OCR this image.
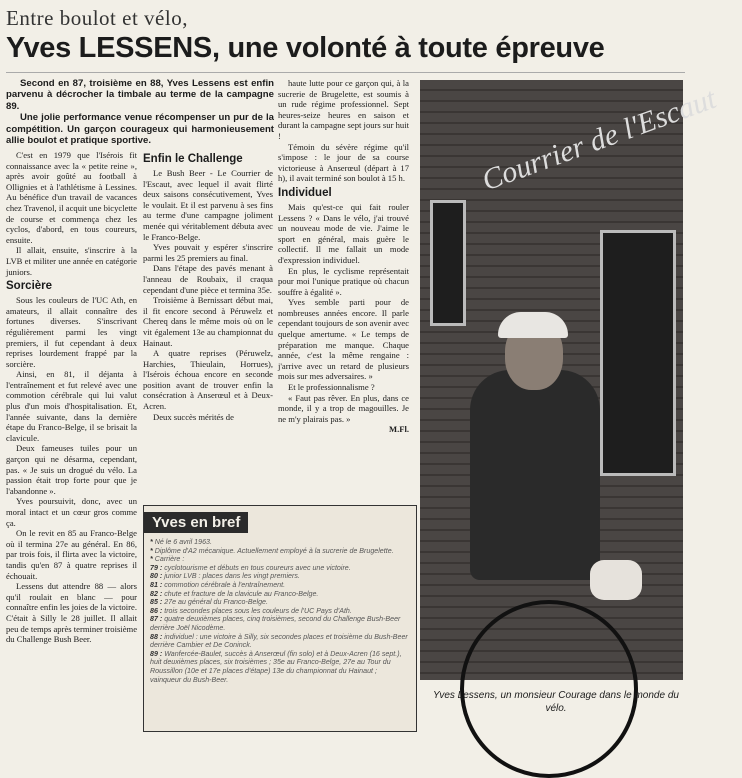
Entre boulot et vélo,
Yves LESSENS, une volonté à toute épreuve

Second en 87, troisième en 88, Yves Lessens est enfin parvenu à décrocher la timbale au terme de la campagne 89.

Une jolie performance venue récompenser un pur de la compétition. Un garçon courageux qui harmonieusement allie boulot et pratique sportive.

C'est en 1979 que l'Isérois fit connaissance avec la « petite reine », après avoir goûté au football à Ollignies et à l'athlétisme à Lessines. Au bénéfice d'un travail de vacances chez Travenol, il acquit une bicyclette de course et commença chez les cyclos, d'abord, en tous coureurs, ensuite.

Il allait, ensuite, s'inscrire à la LVB et militer une année en catégorie juniors.

Sorcière

Sous les couleurs de l'UC Ath, en amateurs, il allait connaître des fortunes diverses. S'inscrivant régulièrement parmi les vingt premiers, il fut cependant à deux reprises lourdement frappé par la sorcière.

Ainsi, en 81, il déjanta à l'entraînement et fut relevé avec une commotion cérébrale qui lui valut plus d'un mois d'hospitalisation. Et, l'année suivante, dans la dernière étape du Franco-Belge, il se brisait la clavicule.

Deux fameuses tuiles pour un garçon qui ne désarma, cependant, pas. « Je suis un drogué du vélo. La passion était trop forte pour que je l'abandonne ».

Yves poursuivit, donc, avec un moral intact et un cœur gros comme ça.

On le revit en 85 au Franco-Belge où il termina 27e au général. En 86, par trois fois, il flirta avec la victoire, tandis qu'en 87 à quatre reprises il échouait.

Lessens dut attendre 88 — alors qu'il roulait en blanc — pour connaître enfin les joies de la victoire. C'était à Silly le 28 juillet. Il allait peu de temps après terminer troisième du Challenge Bush Beer.

Enfin le Challenge

Le Bush Beer - Le Courrier de l'Escaut, avec lequel il avait flirté deux saisons consécutivement, Yves le voulait. Et il est parvenu à ses fins au terme d'une campagne joliment menée qui véritablement débuta avec le Franco-Belge.

Yves pouvait y espérer s'inscrire parmi les 25 premiers au final.

Dans l'étape des pavés menant à l'anneau de Roubaix, il craqua cependant d'une pièce et termina 35e.

Troisième à Bernissart début mai, il fit encore second à Péruwelz et Chereq dans le même mois où on le vit également 13e au championnat du Hainaut.

A quatre reprises (Péruwelz, Harchies, Thieulain, Horrues), l'Isérois échoua encore en seconde position avant de trouver enfin la consécration à Anserœul et à Deux-Acren.

Deux succès mérités de

haute lutte pour ce garçon qui, à la sucrerie de Brugelette, est soumis à un rude régime professionnel. Sept heures-seize heures en saison et durant la campagne sept jours sur huit !

Témoin du sévère régime qu'il s'impose : le jour de sa course victorieuse à Anserœul (départ à 17 h), il avait terminé son boulot à 15 h.

Individuel

Mais qu'est-ce qui fait rouler Lessens ? « Dans le vélo, j'ai trouvé un nouveau mode de vie. J'aime le sport en général, mais guère le collectif. Il me fallait un mode d'expression individuel.

En plus, le cyclisme représentait pour moi l'unique pratique où chacun souffre à égalité ».

Yves semble parti pour de nombreuses années encore. Il parle cependant toujours de son avenir avec quelque amertume. « Le temps de préparation me manque. Chaque année, c'est la même rengaine : j'arrive avec un retard de plusieurs mois sur mes adversaires. »

Et le professionnalisme ?

« Faut pas rêver. En plus, dans ce monde, il y a trop de magouilles. Je ne m'y plairais pas. »

M.Fl.
Yves en bref
* Né le 6 avril 1963.
* Diplôme d'A2 mécanique. Actuellement employé à la sucrerie de Brugelette.
* Carrière :
79 : cyclotourisme et débuts en tous coureurs avec une victoire.
80 : junior LVB : places dans les vingt premiers.
81 : commotion cérébrale à l'entraînement.
82 : chute et fracture de la clavicule au Franco-Belge.
85 : 27e au général du Franco-Belge.
86 : trois secondes places sous les couleurs de l'UC Pays d'Ath.
87 : quatre deuxièmes places, cinq troisièmes, second du Challenge Bush-Beer derrière Joël Nicodème.
88 : individuel : une victoire à Silly, six secondes places et troisième du Bush-Beer derrière Cambier et De Coninck.
89 : Wanfercée-Baulet, succès à Anserœul (fin solo) et à Deux-Acren (16 sept.), huit deuxièmes places, six troisièmes ; 35e au Franco-Belge, 27e au Tour du Roussillon (10e et 17e places d'étape) 13e du championnat du Hainaut ; vainqueur du Bush-Beer.
Courrier de l'Escaut
Yves Lessens, un monsieur Courage dans le monde du vélo.
